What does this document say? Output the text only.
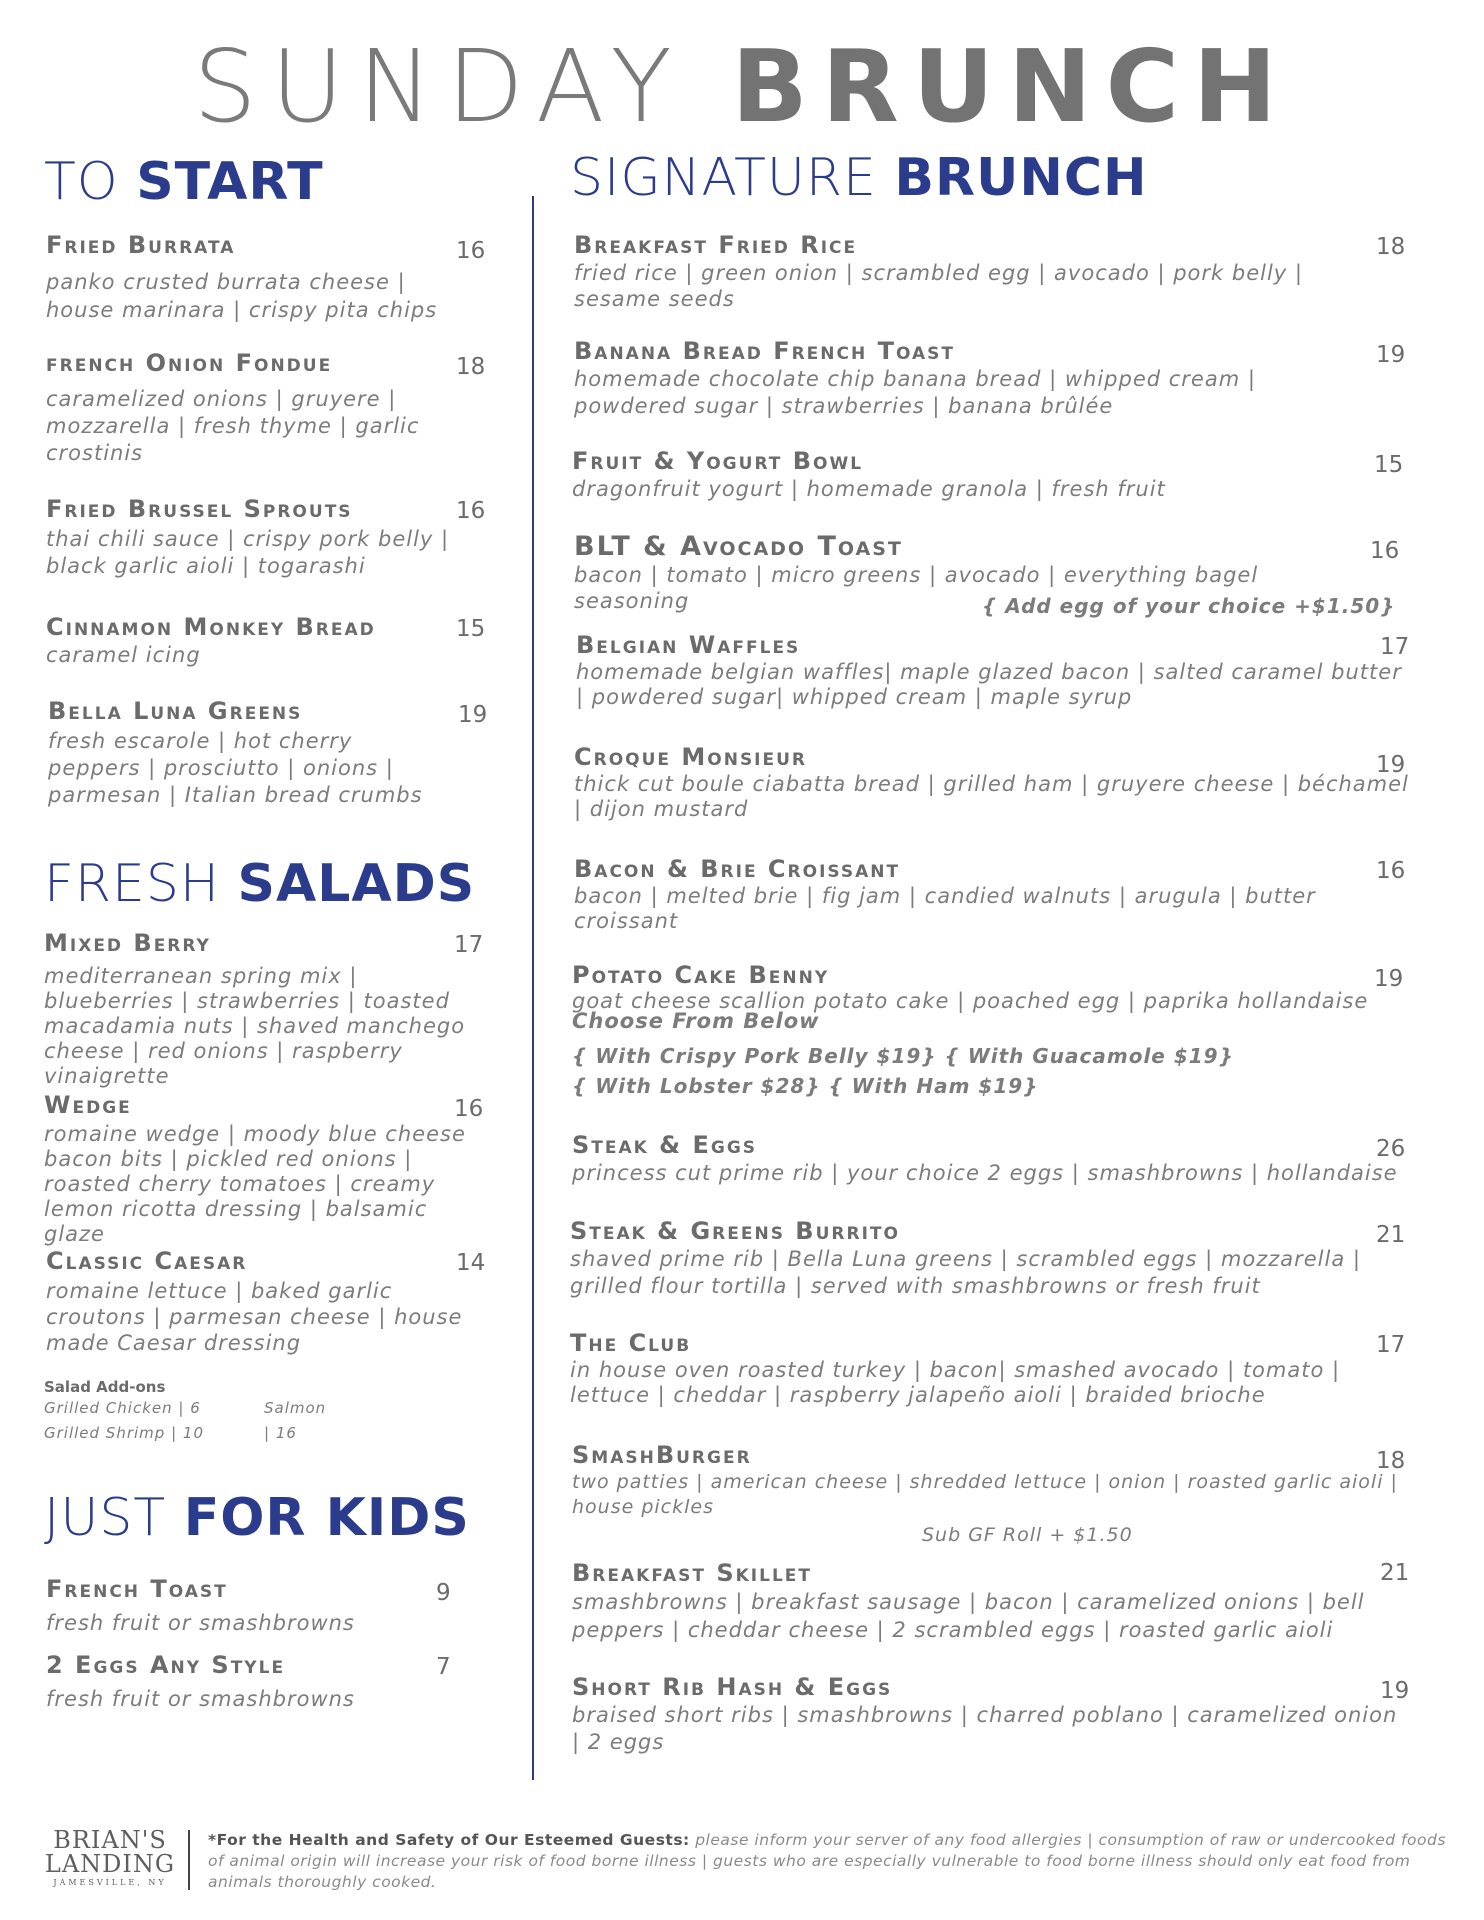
SUNDAY BRUNCH
TO START
Fried Burrata	16
panko crusted burrata cheese | house marinara | crispy pita chips
french Onion Fondue	18
caramelized onions | gruyere | mozzarella | fresh thyme | garlic crostinis
Fried Brussel Sprouts	16
thai chili sauce | crispy pork belly | black garlic aioli | togarashi
Cinnamon Monkey Bread	15
caramel icing
Bella Luna Greens	19
fresh escarole | hot cherry peppers | prosciutto | onions | parmesan | Italian bread crumbs
FRESH SALADS
Mixed Berry	17
mediterranean spring mix | blueberries | strawberries | toasted macadamia nuts | shaved manchego cheese | red onions | raspberry vinaigrette
Wedge	16
romaine wedge | moody blue cheese bacon bits | pickled red onions | roasted cherry tomatoes | creamy lemon ricotta dressing | balsamic glaze
Classic Caesar	14
romaine lettuce | baked garlic croutons | parmesan cheese | house made Caesar dressing
Salad Add-ons
Grilled Chicken | 6
Grilled Shrimp | 10
Salmon | 16
JUST FOR KIDS
French Toast	9
fresh fruit or smashbrowns
2 Eggs Any Style	7
fresh fruit or smashbrowns
SIGNATURE BRUNCH
Breakfast Fried Rice	18
fried rice | green onion | scrambled egg | avocado | pork belly | sesame seeds
Banana Bread French Toast	19
homemade chocolate chip banana bread | whipped cream | powdered sugar | strawberries | banana brûlée
Fruit & Yogurt Bowl	15
dragonfruit yogurt | homemade granola | fresh fruit
BLT & Avocado Toast	16
bacon | tomato | micro greens | avocado | everything bagel seasoning	{ Add egg of your choice +$1.50}
Belgian Waffles	17
homemade belgian waffles| maple glazed bacon | salted caramel butter | powdered sugar| whipped cream | maple syrup
Croque Monsieur	19
thick cut boule ciabatta bread | grilled ham | gruyere cheese | béchamel | dijon mustard
Bacon & Brie Croissant	16
bacon | melted brie | fig jam | candied walnuts | arugula | butter croissant
Potato Cake Benny	19
goat cheese scallion potato cake | poached egg | paprika hollandaise
Choose From Below
{ With Crispy Pork Belly $19} { With Guacamole $19}
{ With Lobster $28} { With Ham $19}
Steak & Eggs	26
princess cut prime rib | your choice 2 eggs | smashbrowns | hollandaise
Steak & Greens Burrito	21
shaved prime rib | Bella Luna greens | scrambled eggs | mozzarella | grilled flour tortilla | served with smashbrowns or fresh fruit
The Club	17
in house oven roasted turkey | bacon| smashed avocado | tomato | lettuce | cheddar | raspberry jalapeño aioli | braided brioche
SmashBurger	18
two patties | american cheese | shredded lettuce | onion | roasted garlic aioli | house pickles
Sub GF Roll + $1.50
Breakfast Skillet	21
smashbrowns | breakfast sausage | bacon | caramelized onions | bell peppers | cheddar cheese | 2 scrambled eggs | roasted garlic aioli
Short Rib Hash & Eggs	19
braised short ribs | smashbrowns | charred poblano | caramelized onion | 2 eggs
BRIAN'S
LANDING
JAMESVILLE, NY
*For the Health and Safety of Our Esteemed Guests: please inform your server of any food allergies | consumption of raw or undercooked foods of animal origin will increase your risk of food borne illness | guests who are especially vulnerable to food borne illness should only eat food from animals thoroughly cooked.
